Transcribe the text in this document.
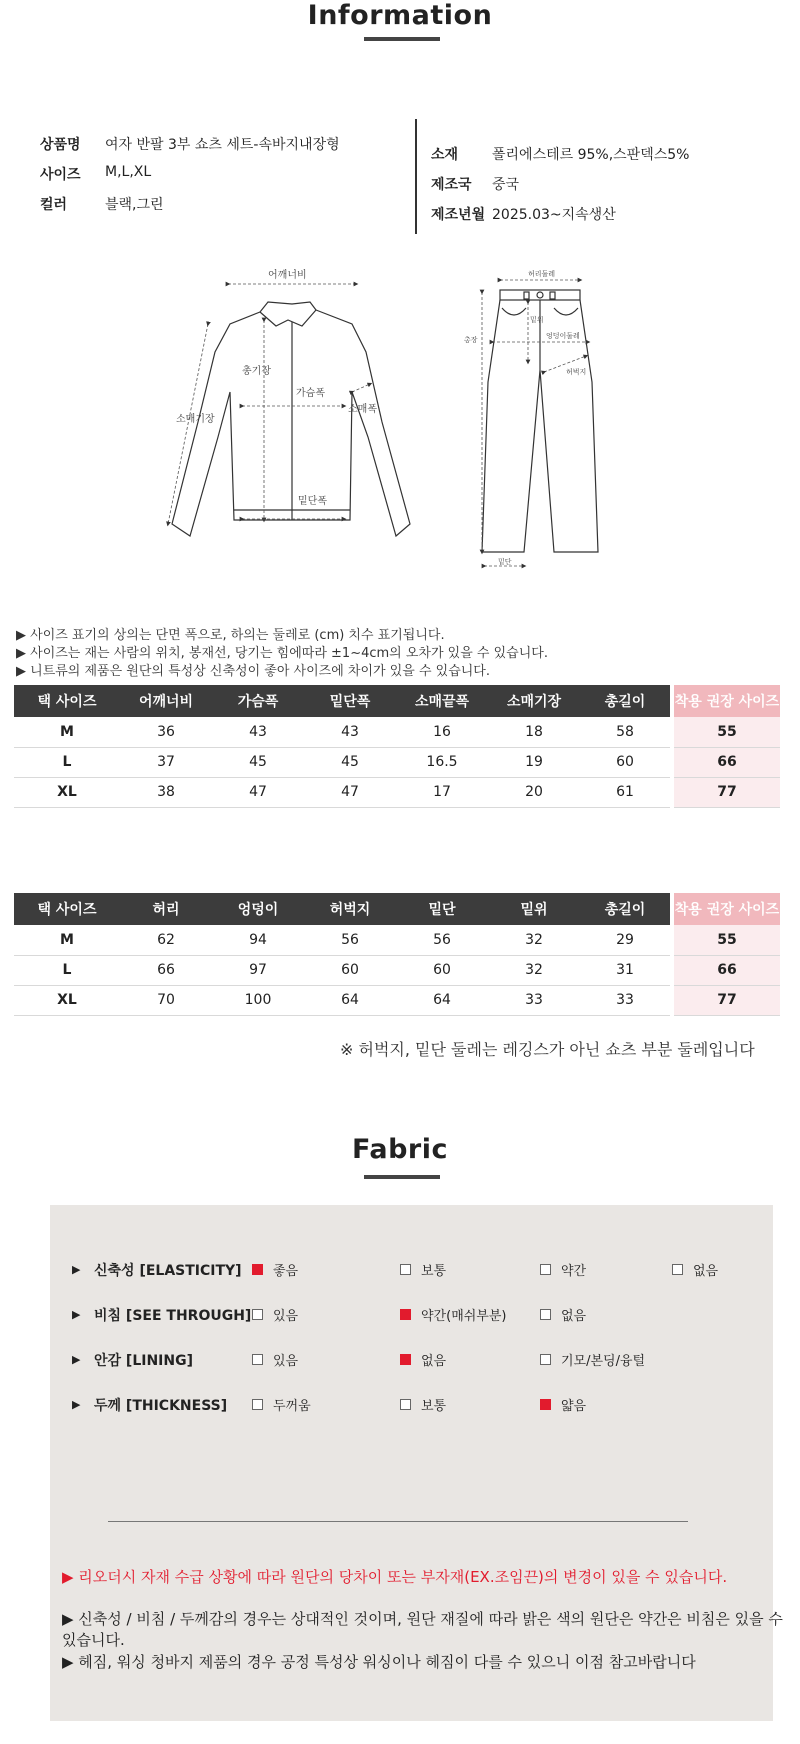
Information
상품명 여자 반팔 3부 쇼츠 세트-속바지내장형
사이즈 M,L,XL
컬러	블랙,그린
소재 폴리에스테르 95%,스판덱스5%
제조국 중국
제조년월 2025.03~지속생산
어깨너비
총기장
가슴폭
소매기장
소매폭
밑단폭
허리둘레
밑위
엉덩이둘레
허벅지
총장
밑단
▶ 사이즈 표기의 상의는 단면 폭으로, 하의는 둘레로 (cm) 치수 표기됩니다.
▶ 사이즈는 재는 사람의 위치, 봉재선, 당기는 힘에따라 ±1~4cm의 오차가 있을 수 있습니다.
▶ 니트류의 제품은 원단의 특성상 신축성이 좋아 사이즈에 차이가 있을 수 있습니다.
택 사이즈	어깨너비	가슴폭	밑단폭	소매끝폭	소매기장	총길이	착용 권장 사이즈
M	36	43	43	16	18	58	55
L	37	45	45	16.5	19	60	66
XL	38	47	47	17	20	61	77
택 사이즈	허리	엉덩이	허벅지	밑단	밑위	총길이	착용 권장 사이즈
M	62	94	56	56	32	29	55
L	66	97	60	60	32	31	66
XL	70	100	64	64	33	33	77
※ 허벅지, 밑단 둘레는 레깅스가 아닌 쇼츠 부분 둘레입니다
Fabric
▶ 신축성 [ELASTICITY] 좋음	보통	약간	없음
▶ 비침 [SEE THROUGH] 있음	약간(매쉬부분)	없음
▶ 안감 [LINING]	있음	없음	기모/본딩/융털
▶ 두께 [THICKNESS]	두꺼움	보통	얇음
▶ 리오더시 자재 수급 상황에 따라 원단의 당차이 또는 부자재(EX.조임끈)의 변경이 있을 수 있습니다.
▶ 신축성 / 비침 / 두께감의 경우는 상대적인 것이며, 원단 재질에 따라 밝은 색의 원단은 약간은 비침은 있을 수 있습니다.
▶ 헤짐, 워싱 청바지 제품의 경우 공정 특성상 워싱이나 헤짐이 다를 수 있으니 이점 참고바랍니다
